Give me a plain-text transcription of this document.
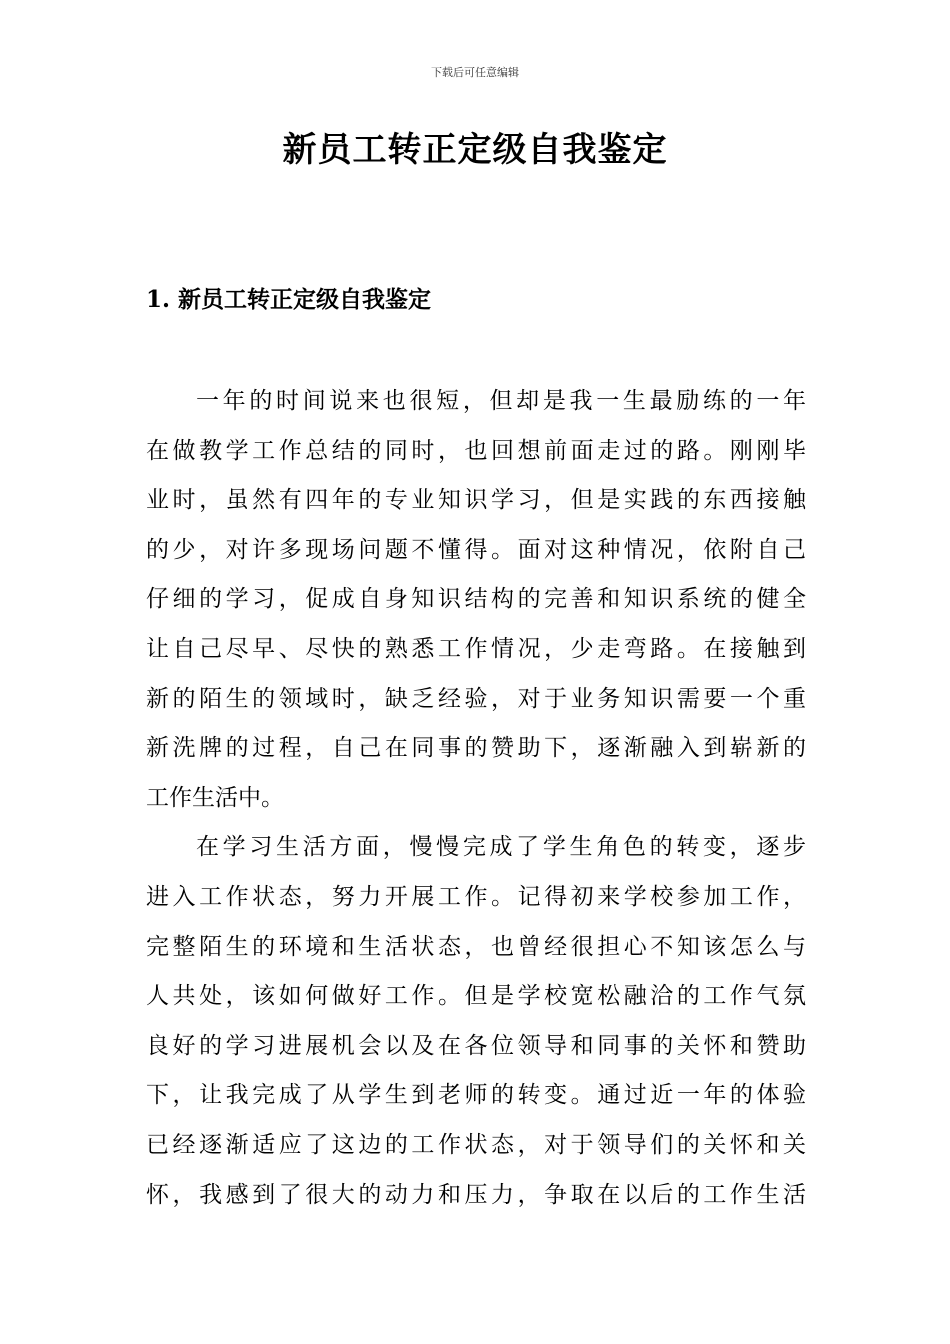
下载后可任意编辑
新员工转正定级自我鉴定
1. 新员工转正定级自我鉴定

一年的时间说来也很短，但却是我一生最励练的一年
在做教学工作总结的同时，也回想前面走过的路。刚刚毕
业时，虽然有四年的专业知识学习，但是实践的东西接触
的少，对许多现场问题不懂得。面对这种情况，依附自己
仔细的学习，促成自身知识结构的完善和知识系统的健全
让自己尽早、尽快的熟悉工作情况，少走弯路。在接触到
新的陌生的领域时，缺乏经验，对于业务知识需要一个重
新洗牌的过程，自己在同事的赞助下，逐渐融入到崭新的
工作生活中。

在学习生活方面，慢慢完成了学生角色的转变，逐步
进入工作状态，努力开展工作。记得初来学校参加工作，
完整陌生的环境和生活状态，也曾经很担心不知该怎么与
人共处，该如何做好工作。但是学校宽松融洽的工作气氛
良好的学习进展机会以及在各位领导和同事的关怀和赞助
下，让我完成了从学生到老师的转变。通过近一年的体验
已经逐渐适应了这边的工作状态，对于领导们的关怀和关
怀，我感到了很大的动力和压力，争取在以后的工作生活
